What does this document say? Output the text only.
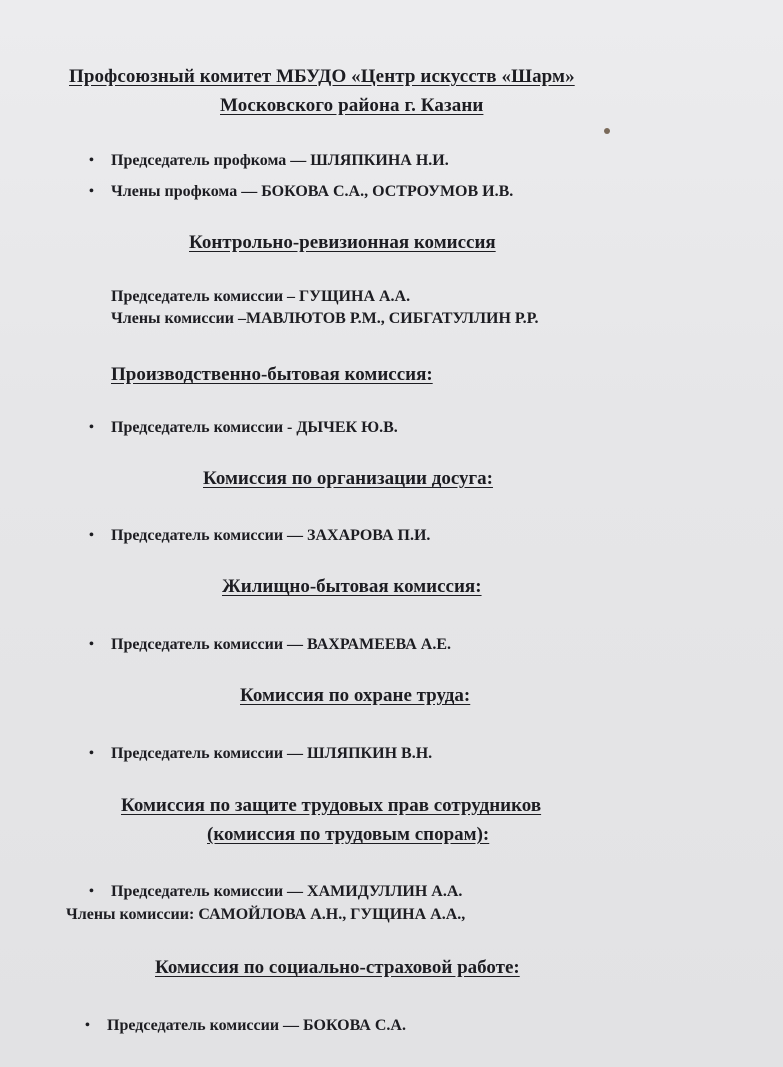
Профсоюзный комитет МБУДО «Центр искусств «Шарм»
Московского района г. Казани
• Председатель профкома — ШЛЯПКИНА Н.И.
• Члены профкома — БОКОВА С.А., ОСТРОУМОВ И.В.
Контрольно-ревизионная комиссия
Председатель комиссии – ГУЩИНА А.А.
Члены комиссии –МАВЛЮТОВ Р.М., СИБГАТУЛЛИН Р.Р.
Производственно-бытовая комиссия:
• Председатель комиссии - ДЫЧЕК Ю.В.
Комиссия по организации досуга:
• Председатель комиссии — ЗАХАРОВА П.И.
Жилищно-бытовая комиссия:
• Председатель комиссии — ВАХРАМЕЕВА А.Е.
Комиссия по охране труда:
• Председатель комиссии — ШЛЯПКИН В.Н.
Комиссия по защите трудовых прав сотрудников
(комиссия по трудовым спорам):
• Председатель комиссии — ХАМИДУЛЛИН А.А.
Члены комиссии: САМОЙЛОВА А.Н., ГУЩИНА А.А.,
Комиссия по социально-страховой работе:
• Председатель комиссии — БОКОВА С.А.
